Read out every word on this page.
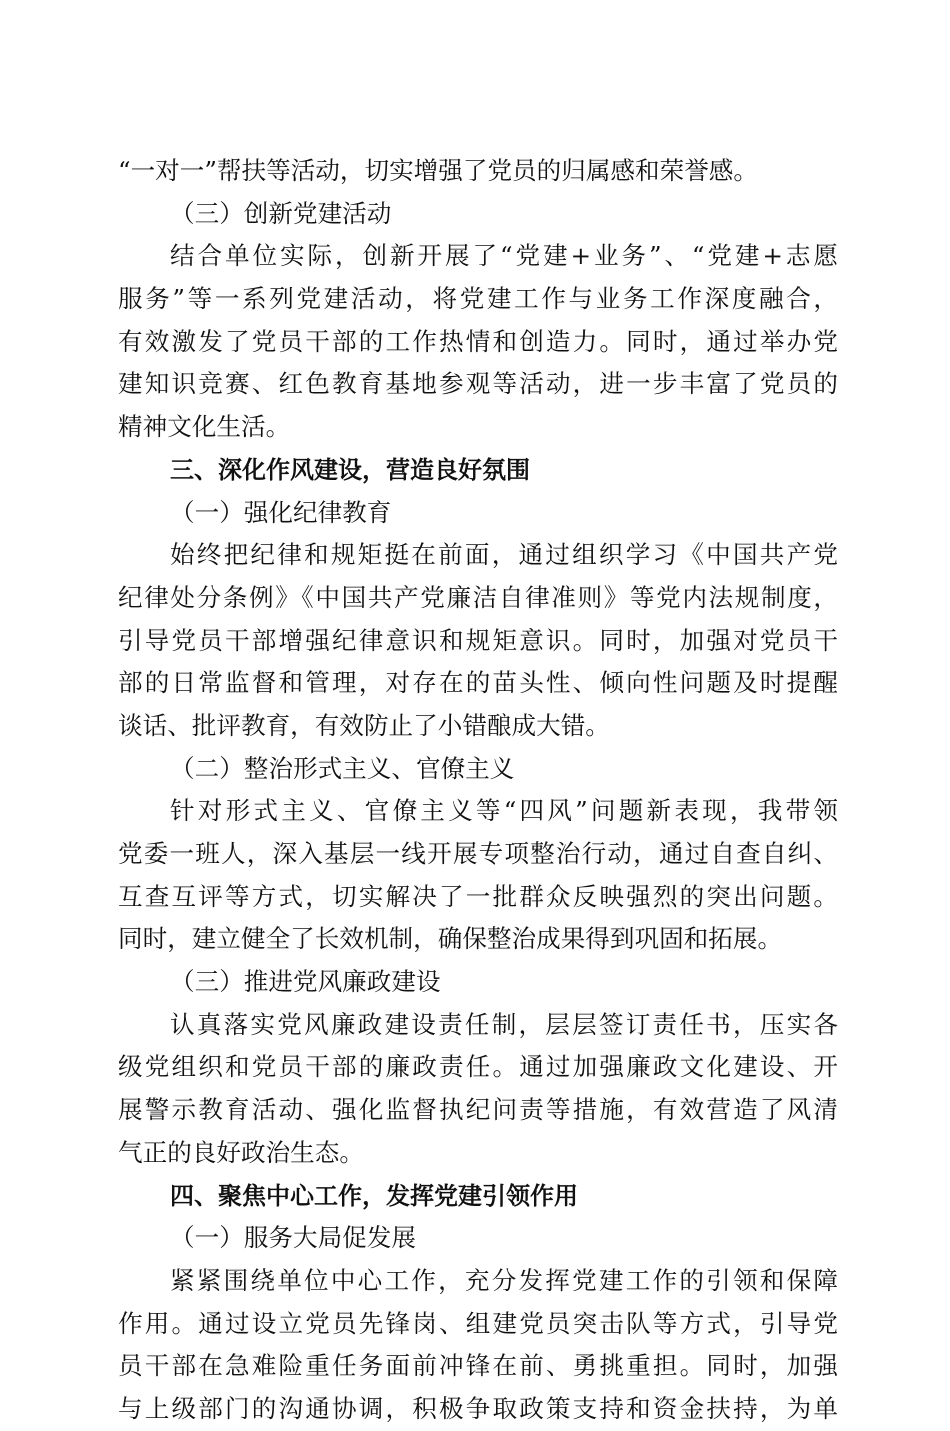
“一对一”帮扶等活动，切实增强了党员的归属感和荣誉感。
（三）创新党建活动
结合单位实际，创新开展了“党建+业务”、“党建+志愿
服务”等一系列党建活动，将党建工作与业务工作深度融合，
有效激发了党员干部的工作热情和创造力。同时，通过举办党
建知识竞赛、红色教育基地参观等活动，进一步丰富了党员的
精神文化生活。
三、深化作风建设，营造良好氛围
（一）强化纪律教育
始终把纪律和规矩挺在前面，通过组织学习《中国共产党
纪律处分条例》《中国共产党廉洁自律准则》等党内法规制度，
引导党员干部增强纪律意识和规矩意识。同时，加强对党员干
部的日常监督和管理，对存在的苗头性、倾向性问题及时提醒
谈话、批评教育，有效防止了小错酿成大错。
（二）整治形式主义、官僚主义
针对形式主义、官僚主义等“四风”问题新表现，我带领
党委一班人，深入基层一线开展专项整治行动，通过自查自纠、
互查互评等方式，切实解决了一批群众反映强烈的突出问题。
同时，建立健全了长效机制，确保整治成果得到巩固和拓展。
（三）推进党风廉政建设
认真落实党风廉政建设责任制，层层签订责任书，压实各
级党组织和党员干部的廉政责任。通过加强廉政文化建设、开
展警示教育活动、强化监督执纪问责等措施，有效营造了风清
气正的良好政治生态。
四、聚焦中心工作，发挥党建引领作用
（一）服务大局促发展
紧紧围绕单位中心工作，充分发挥党建工作的引领和保障
作用。通过设立党员先锋岗、组建党员突击队等方式，引导党
员干部在急难险重任务面前冲锋在前、勇挑重担。同时，加强
与上级部门的沟通协调，积极争取政策支持和资金扶持，为单
